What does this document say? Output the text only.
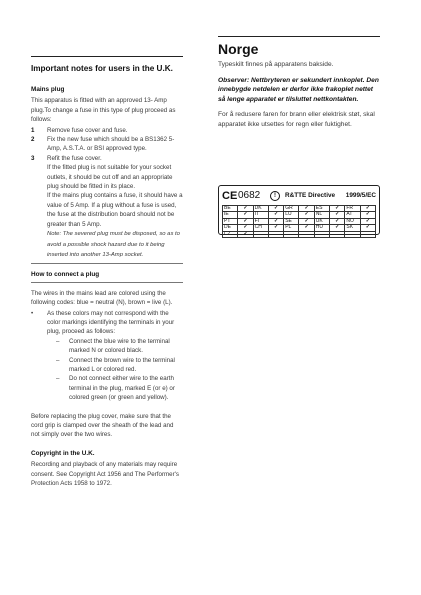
Important notes for users in the U.K.
Mains plug

This apparatus is fitted with an approved 13- Amp plug.To change a fuse in this type of plug proceed as follows:

1	Remove fuse cover and fuse.
2	Fix the new fuse which should be a BS1362 5-Amp, A.S.T.A. or BSI approved type.
3	Refit the fuse cover.
If the fitted plug is not suitable for your socket outlets, it should be cut off and an appropriate plug should be fitted in its place.
If the mains plug contains a fuse, it should have a value of 5 Amp. If a plug without a fuse is used, the fuse at the distribution board should not be greater than 5 Amp.
Note: The severed plug must be disposed, so as to avoid a possible shock hazard due to it being inserted into another 13-Amp socket.
How to connect a plug

The wires in the mains lead are colored using the following codes: blue = neutral (N), brown = live (L).

•	As these colors may not correspond with the color markings identifying the terminals in your plug, proceed as follows:
–	Connect the blue wire to the terminal marked N or colored black.
–	Connect the brown wire to the terminal marked L or colored red.
–	Do not connect either wire to the earth terminal in the plug, marked E (or e) or colored green (or green and yellow).

Before replacing the plug cover, make sure that the cord grip is clamped over the sheath of the lead and not simply over the two wires.

Copyright in the U.K.

Recording and playback of any materials may require consent. See Copyright Act 1956 and The Performer's Protection Acts 1958 to 1972.

Norge

Typeskilt finnes på apparatens bakside.

Observer: Nettbryteren er sekundert innkoplet. Den innebygde netdelen er derfor ikke frakoplet nettet så lenge apparatet er tilsluttet nettkontakten.

For å redusere faren for brann eller elektrisk støt, skal apparatet ikke utsettes for regn eller fuktighet.

CE 0682	!	R&TTE Directive	1999/5/EC
BE	✓	DK	✓	GR	✓	ES	✓	FR	✓
IE	✓	IT	✓	LU	✓	NL	✓	AT	✓
PT	✓	FI	✓	SE	✓	UK	✓	NO	✓
DE	✓	CH	✓	PL	✓	HU	✓	SK	✓
CZ	✓								
